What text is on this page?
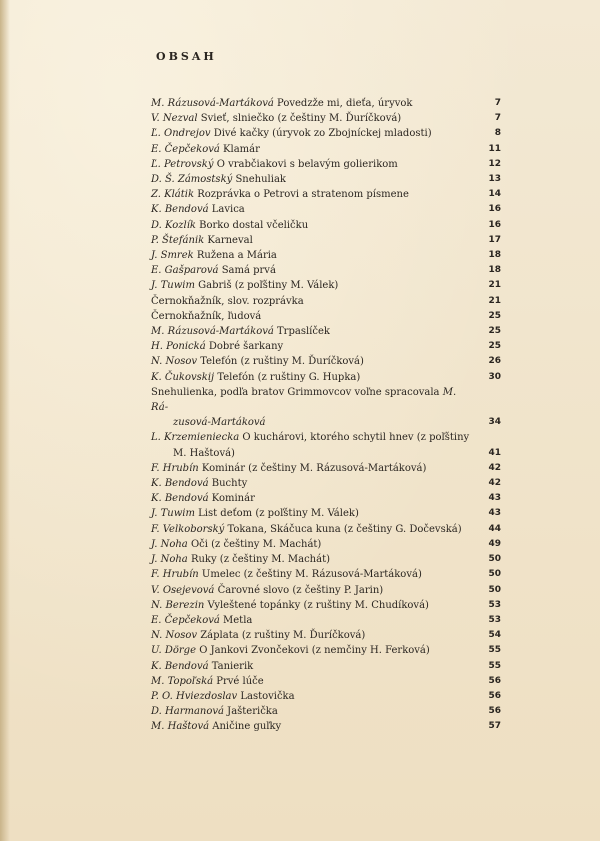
OBSAH
M. Rázusová-Martáková Povedzže mi, dieťa, úryvok	7
V. Nezval Svieť, slniečko (z češtiny M. Ďuríčková)	7
Ľ. Ondrejov Divé kačky (úryvok zo Zbojníckej mladosti)	8
E. Čepčeková Klamár	11
Ľ. Petrovský O vrabčiakovi s belavým golierikom	12
D. Š. Zámostský Snehuliak	13
Z. Klátik Rozprávka o Petrovi a stratenom písmene	14
K. Bendová Lavica	16
D. Kozlík Borko dostal včeličku	16
P. Štefánik Karneval	17
J. Smrek Ružena a Mária	18
E. Gašparová Samá prvá	18
J. Tuwim Gabriš (z poľštiny M. Válek)	21
Černokňažník, slov. rozprávka	21
Černokňažník, ľudová	25
M. Rázusová-Martáková Trpaslíček	25
H. Ponická Dobré šarkany	25
N. Nosov Telefón (z ruštiny M. Ďuríčková)	26
K. Čukovskij Telefón (z ruštiny G. Hupka)	30
Snehulienka, podľa bratov Grimmovcov voľne spracovala M. Rá-
zusová-Martáková	34
L. Krzemieniecka O kuchárovi, ktorého schytil hnev (z poľštiny
M. Haštová)	41
F. Hrubín Kominár (z češtiny M. Rázusová-Martáková)	42
K. Bendová Buchty	42
K. Bendová Kominár	43
J. Tuwim List deťom (z poľštiny M. Válek)	43
F. Velkoborský Tokana, Skáčuca kuna (z češtiny G. Dočevská)	44
J. Noha Oči (z češtiny M. Machát)	49
J. Noha Ruky (z češtiny M. Machát)	50
F. Hrubín Umelec (z češtiny M. Rázusová-Martáková)	50
V. Osejevová Čarovné slovo (z češtiny P. Jarin)	50
N. Berezin Vyleštené topánky (z ruštiny M. Chudíková)	53
E. Čepčeková Metla	53
N. Nosov Záplata (z ruštiny M. Ďuríčková)	54
U. Dörge O Jankovi Zvončekovi (z nemčiny H. Ferková)	55
K. Bendová Tanierik	55
M. Topoľská Prvé lúče	56
P. O. Hviezdoslav Lastovička	56
D. Harmanová Jašterička	56
M. Haštová Aničine guľky	57
